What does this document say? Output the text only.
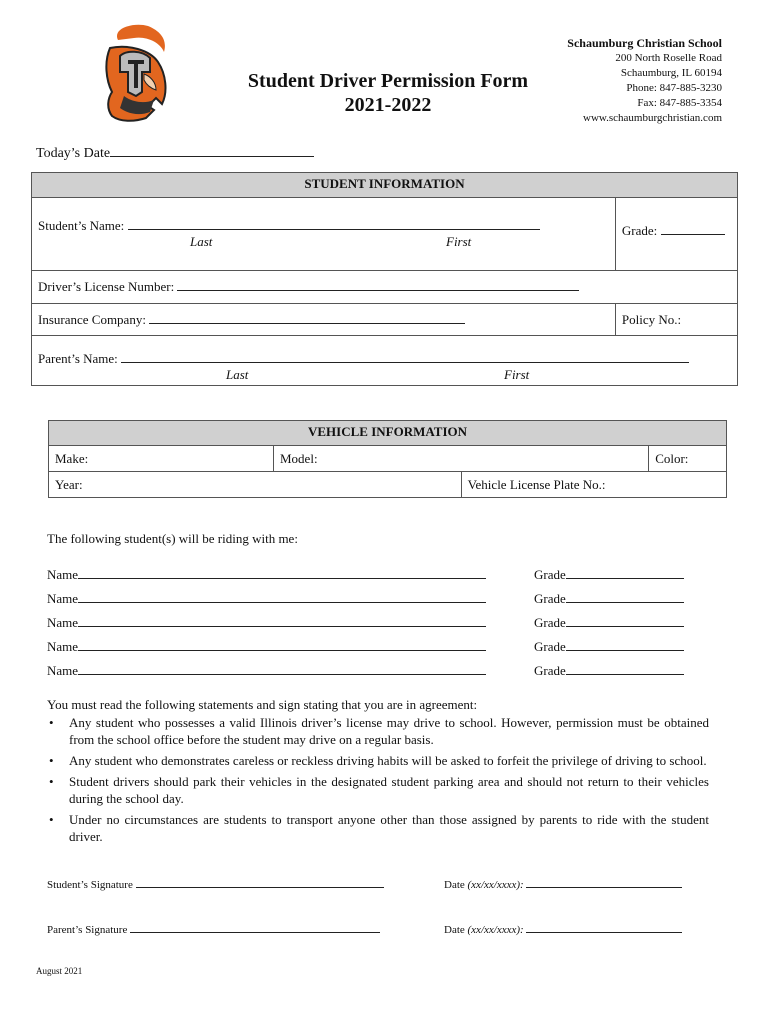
Student Driver Permission Form
2021-2022
Schaumburg Christian School
200 North Roselle Road
Schaumburg, IL 60194
Phone: 847-885-3230
Fax: 847-885-3354
www.schaumburgchristian.com
Today’s Date
STUDENT INFORMATION	

Student’s Name:
Last First	Grade:
Driver’s License Number:	
Insurance Company:	Policy No.:

Parent’s Name:
Last First	
VEHICLE INFORMATION			
Make:	Model:		Color:
Year:		Vehicle License Plate No.:	
The following student(s) will be riding with me:
Name	Grade
Name	Grade
Name	Grade
Name	Grade
Name	Grade
You must read the following statements and sign stating that you are in agreement:
• Any student who possesses a valid Illinois driver’s license may drive to school. However, permission must be obtained from the school office before the student may drive on a regular basis.
• Any student who demonstrates careless or reckless driving habits will be asked to forfeit the privilege of driving to school.
• Student drivers should park their vehicles in the designated student parking area and should not return to their vehicles during the school day.
• Under no circumstances are students to transport anyone other than those assigned by parents to ride with the student driver.
Student’s Signature	Date (xx/xx/xxxx):
Parent’s Signature	Date (xx/xx/xxxx):
August 2021
